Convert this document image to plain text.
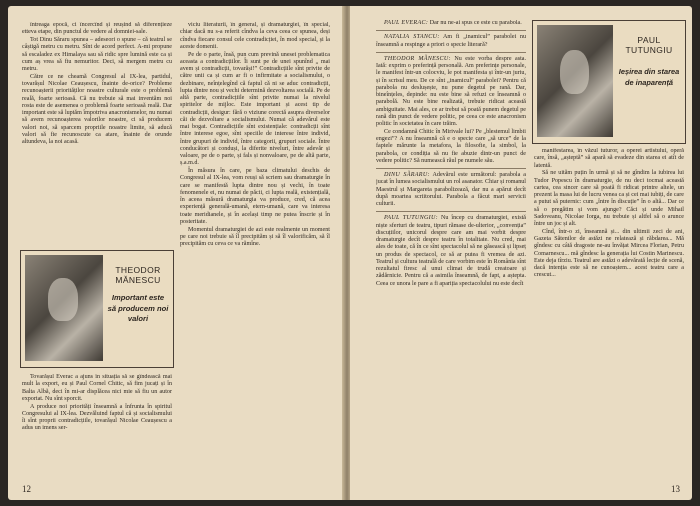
întreaga epocă, ci încercînd și reușind să diferențieze etteva etape, din punctul de vedere al domniei-sale.

Tot Dinu Săraru spunea – adeseori o spune – că teatrul se câștigă metru cu metru. Sînt de acord perfect. A-mi propune să escaladez ex Himalaya sau să ridic spre lumină este ca și cum aș vrea să fiu nemuritor. Deci, să mergem metru cu metru.

Către ce ne cheamă Congresul al IX-lea, partidul, tovarășul Nicolae Ceaușescu, înainte de-orice? Probleme recunoașterii priorităților noastre culturale este o problemă reală, foarte serioasă. Că nu trebuie să mai inventăm noi rosta este de asemenea o problemă foarte serioasă reală. Dar important este să luptăm împotriva anacronismelor, nu numai să avem recunoașterea valorilor noastre, ci să producem valori noi, să sparcem propriile noastre limite, să aducă valori să fie recunoscute ca atare, înainte de orunde altundeva, la noi acasă.

THEODOR MĂNESCU
Important este să producem noi valori

Tovarășul Everac a ajuns în situația să se gîndească mai mult la export, eu și Paul Cornel Chitic, să fim jucați și în Balta Albă, deci în mi-ar displăcea nici mie să fiu un autor exportat. Nu sînt sporcit.

A produce noi priorități înseamnă a înfrunta în spiritul Congresului al IX-lea. Dezvăluind faptul că și socialismului îi sînt proprii contradicțiile, tovarășul Nicolae Ceaușescu a adus un imens ser-

viciu literaturii, în general, și dramaturgiei, în special, chiar dacă nu s-a referit cîndva la ceva ceea ce spunea, deși cîndva fiecare consul cele contradicției, în mod special, și la aceste domenii.

Pe de o parte, însă, pun cum prevină unesei problematica aceasta a contradicțiilor. Îi sunt pe de unei spunînd „ mai avem și contradicții, tovarăși!” Contradicțiile sînt privite de către unii ca și cum ar fi o infirmitate a socialismului, o dezbinare, neînțelegînd că faptul că ni se aduc contradicții, lupta dintre nou și vechi determină dezvoltarea socială. Pe de altă parte, contradicțiile sînt privite numai la nivelul spiritelor de mijloc. Este important și acest tip de contradicții, desigur: fără o viziune corectă asupra diverselor căi de dezvoltare a socialismului. Numai că adevărul este mai bogat. Contradicțiile sînt existențiale: contradicții sînt între interese egoe, sînt speciile de interese între individ, între grupuri de individ, între categorii, grupuri sociale. Între conducători și conduși, la diferite niveluri, între adevăr și valoare, pe de o parte, și fals și nonvaloare, pe de altă parte, ș.a.m.d.

În măsura în care, pe baza climatului deschis de Congresul al IX-lea, vom reuși să scriem sau dramaturgie în care se manifestă lupta dintre nou și vechi, în toate fenomenele ei, nu numai de păcii, ci lupta reală, existențială, în aceea măsură dramaturgia va produce, cred, că acea experiență generală-umană, etern-umană, care va interesa toate meridianele, și în același timp ne putea înscrie și în posteritate.

Momentul dramaturgiei de azi este realmente un moment pe care noi trebuie să îl precipităm și să îl valorificăm, să îl precipităm cu ceva ce va rămîne.

12

PAUL EVERAC: Dar nu ne-ai spus ce este cu parabola.

NATALIA STANCU: Am fi „inamicul” parabolei nu înseamnă a respinge a priori o specie literară?

THEODOR MĂNESCU: Nu este vorba despre asta. Iată: exprim o preferință personală. Am preferințe personale, le manifest într-un colocviu, le pot manifesta și într-un juriu, și în scrisul meu. De ce sînt „inamicul” parabolei? Pentru că parabola nu deslușește, nu pune degetul pe rană. Dar, bineînțeles, depinde: nu este bine să refuzi ce înseamnă o parabolă. Nu este bine realizată, trebuie ridicat această ambiguitate. Mai ales, ce ar trebui să poată punem degetul pe rană din punct de vedere politic, pe ceea ce este anacronism politic în societatea în care trăim.

Ce condamnă Chitic în Mirivale lui? Pe „blestemul limbii engezi”? A nu înseamnă că e o specie care „să urce” de la faptele mărunte la metafora, la filosofie, la simbol, la parabola, ce condiția să nu fie abuzie dintr-un punct de vedere politic? Să numească răul pe numele său.

DINU SĂRARU: Adevărul este următorul: parabola a jucat în lumea socialismului un rol asanator. Chiar și romanul Maestrul și Margareta parabolizează, dar nu a apărut decît după moartea scriitorului. Parabola a făcut mari servicii culturii.

PAUL TUTUNGIU: Nu încep cu dramaturgiei, există niște sferturi de teatru, tipuri rămase de-ulterior, „convenția” discuțiilor, unicorul despre care am mai vorbit despre dramaturgie decît despre teatru în totalitate. Nu cred, mai ales de toate, că în ce sînt spectacolul să ne găsească și lipseț un produs de spectacol, ce să ar putea fi vremea de azi. Teatrul și cultura teatrală de care vorbim este în România sînt rezultatul firesc al unui climat de trudă creatoare și zădărnicie. Pentru că a asimila înseamnă, de fapt, a aștepta. Ceea ce unora le pare a fi apariția spectacolului nu este decît

PAUL TUTUNGIU
Ieșirea din starea de inaparență

manifestarea, în văzul tuturor, a operei artistului, operă care, însă, „așteptă” să apară să evadeze din starea ei atît de latentă.

Să ne uităm puțin în urmă și să ne gîndim la iubirea lui Tudor Popescu în dramaturgie, de nu deci tocmai această cartea, cea sincer care să poată fi ridicat printre altele, un prezent la masa lui de lucru venea ca și cei mai iubiți, de care a putut să puternic: cum „între în discuție” în o altă... Dar ce să o pregătim și vom ajunge? Căci și unde Mihail Sadoveanu, Nicolae Iorga, nu trebuie și altfel să o arunce între un joc și alt.

Cînd, într-o zi, înseamnă și... din ultimii zeci de ani, Gazeta Sătenilor de astăzi ne relatează și răbdarea... Mă gîndesc cu câtă dragoste ne-au învățat Mircea Florian, Petru Comarnescu... mă gîndesc la generația lui Costin Marinescu. Este deja tîrziu. Teatrul are astăzi o adevărată lecție de scenă, dacă intenția este să ne cunoaștem... acest teatru care a crescut...

13
